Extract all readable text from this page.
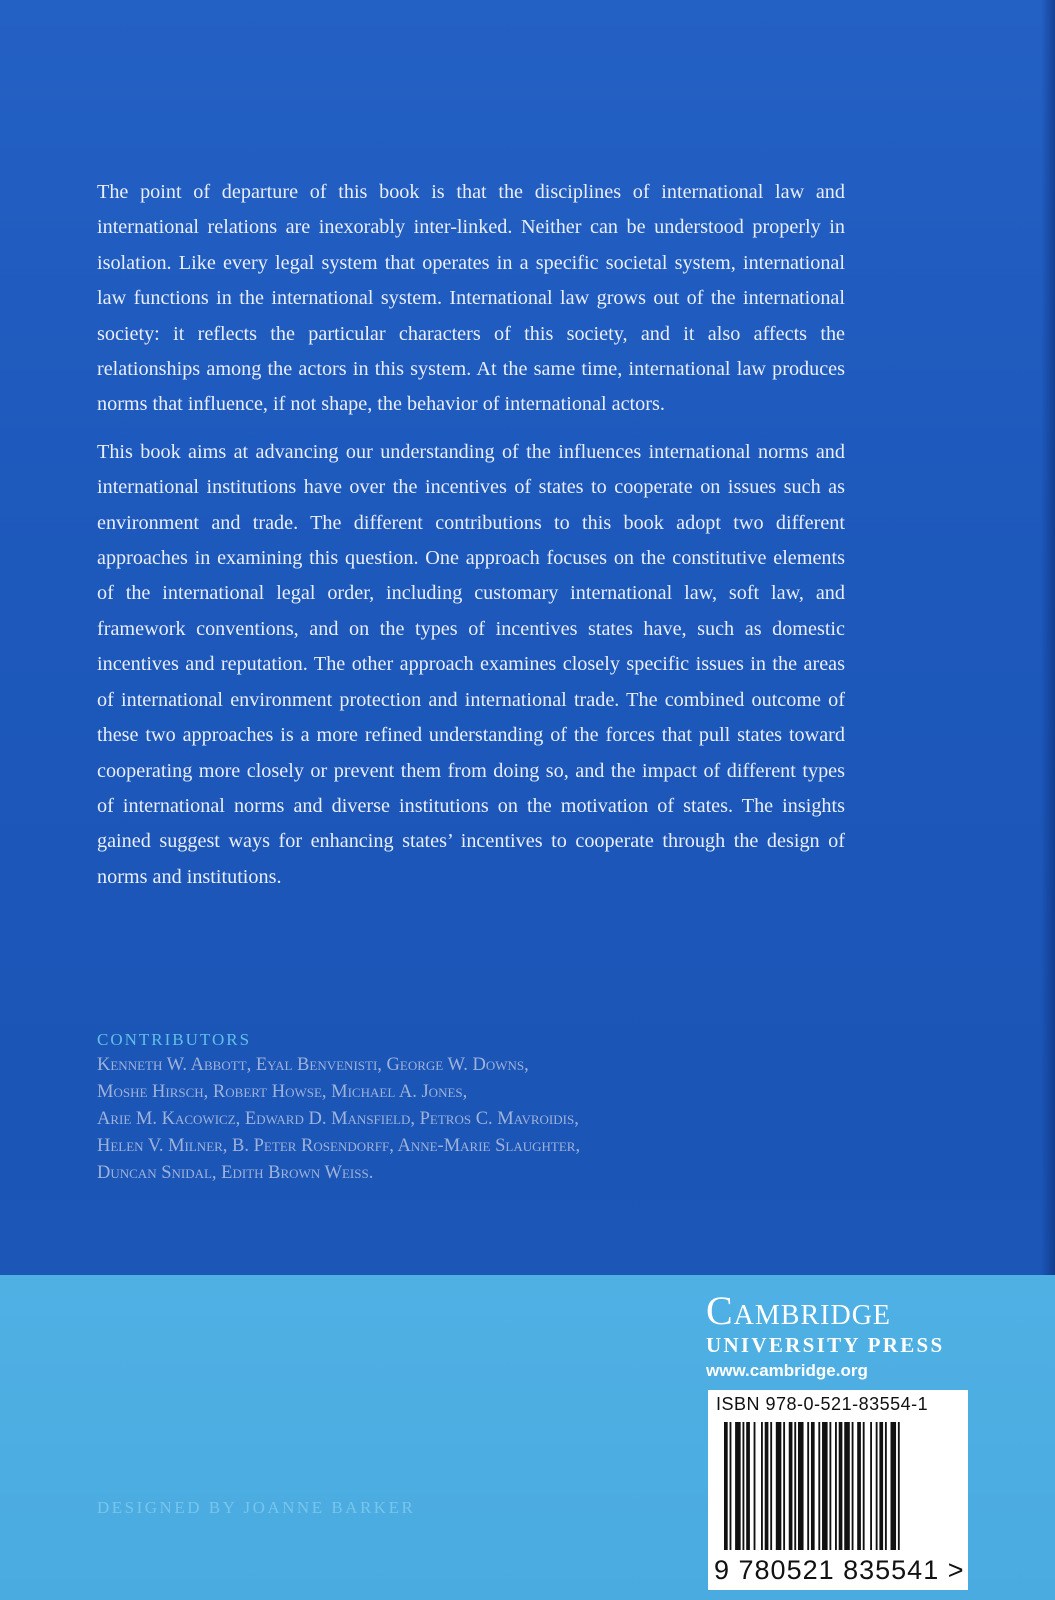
The point of departure of this book is that the disciplines of international law and international relations are inexorably inter-linked. Neither can be understood properly in isolation. Like every legal system that operates in a specific societal system, international law functions in the international system. International law grows out of the international society: it reflects the particular characters of this society, and it also affects the relationships among the actors in this system. At the same time, international law produces norms that influence, if not shape, the behavior of international actors.

This book aims at advancing our understanding of the influences international norms and international institutions have over the incentives of states to cooperate on issues such as environment and trade. The different contributions to this book adopt two different approaches in examining this question. One approach focuses on the constitutive elements of the international legal order, including customary international law, soft law, and framework conventions, and on the types of incentives states have, such as domestic incentives and reputation. The other approach examines closely specific issues in the areas of international environment protection and international trade. The combined outcome of these two approaches is a more refined understanding of the forces that pull states toward cooperating more closely or prevent them from doing so, and the impact of different types of international norms and diverse institutions on the motivation of states. The insights gained suggest ways for enhancing states’ incentives to cooperate through the design of norms and institutions.

CONTRIBUTORS
Kenneth W. Abbott, Eyal Benvenisti, George W. Downs,
Moshe Hirsch, Robert Howse, Michael A. Jones,
Arie M. Kacowicz, Edward D. Mansfield, Petros C. Mavroidis,
Helen V. Milner, B. Peter Rosendorff, Anne-Marie Slaughter,
Duncan Snidal, Edith Brown Weiss.
DESIGNED BY JOANNE BARKER
Cambridge
UNIVERSITY PRESS
www.cambridge.org
ISBN 978-0-521-83554-1
9 780521 835541 >
